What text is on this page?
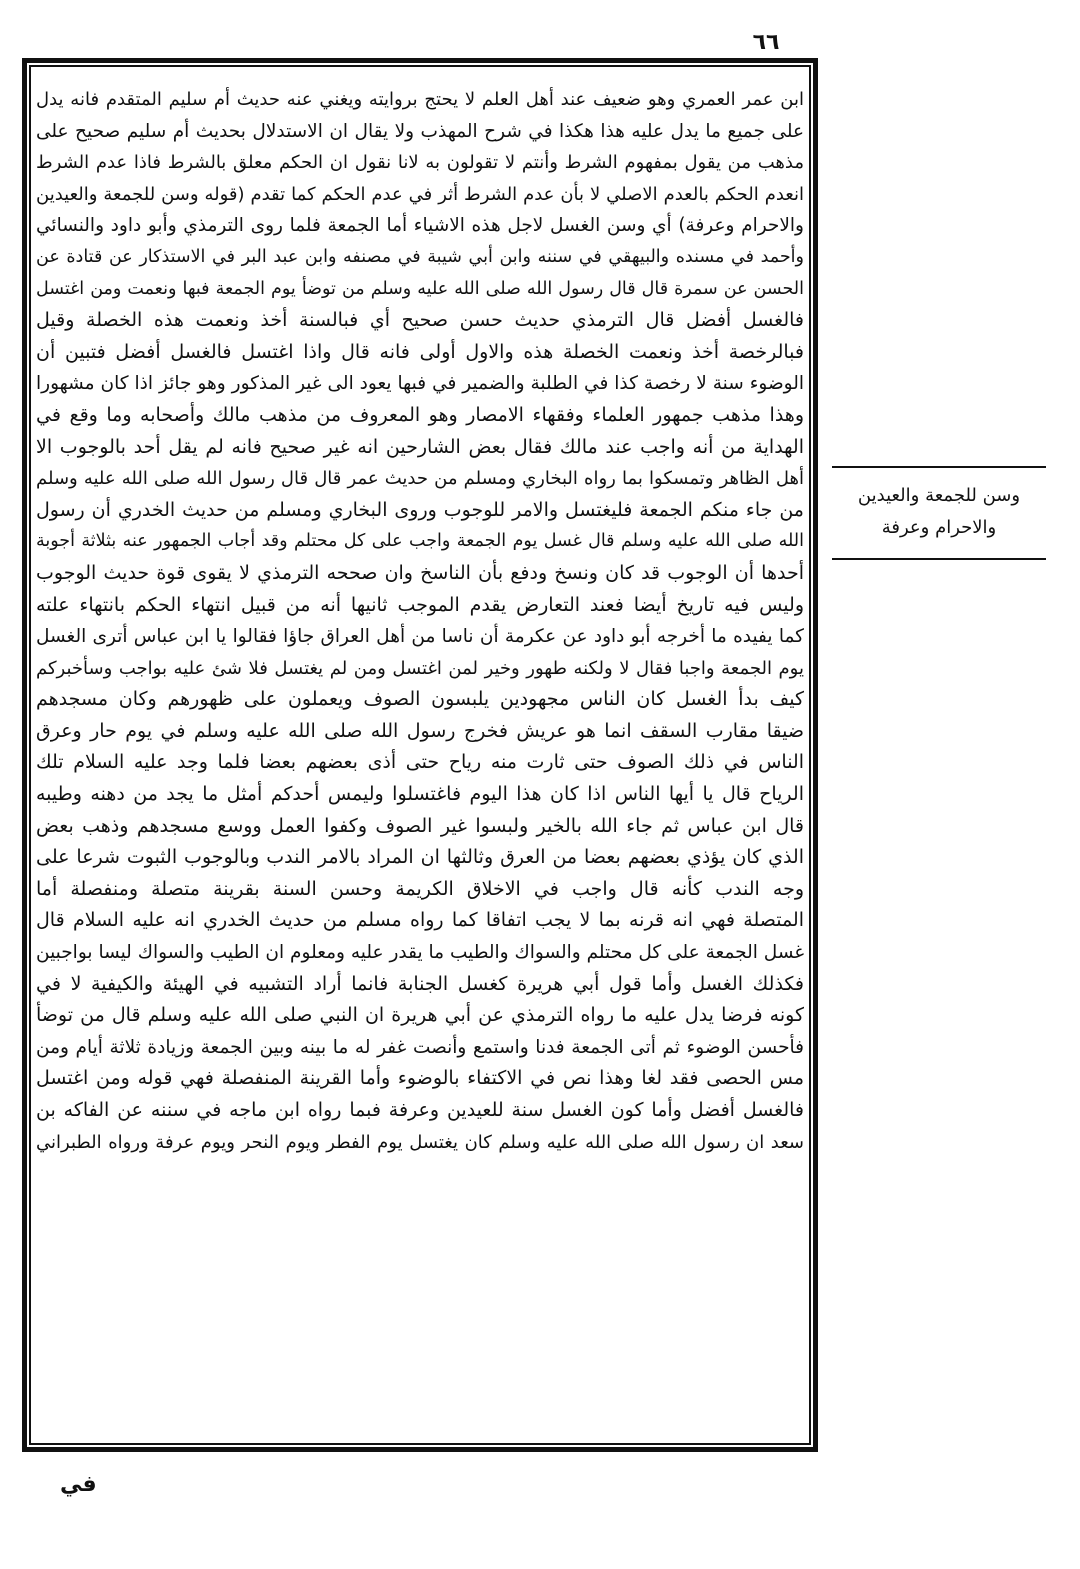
٦٦
ابن عمر العمري وهو ضعيف عند أهل العلم لا يحتج بروايته ويغني عنه حديث أم سليم المتقدم فانه يدل
على جميع ما يدل عليه هذا هكذا في شرح المهذب ولا يقال ان الاستدلال بحديث أم سليم صحيح على
مذهب من يقول بمفهوم الشرط وأنتم لا تقولون به لانا نقول ان الحكم معلق بالشرط فاذا عدم الشرط
انعدم الحكم بالعدم الاصلي لا بأن عدم الشرط أثر في عدم الحكم كما تقدم (قوله وسن للجمعة والعيدين
والاحرام وعرفة) أي وسن الغسل لاجل هذه الاشياء أما الجمعة فلما روى الترمذي وأبو داود والنسائي
وأحمد في مسنده والبيهقي في سننه وابن أبي شيبة في مصنفه وابن عبد البر في الاستذكار عن قتادة عن
الحسن عن سمرة قال قال رسول الله صلى الله عليه وسلم من توضأ يوم الجمعة فبها ونعمت ومن اغتسل
فالغسل أفضل قال الترمذي حديث حسن صحيح أي فبالسنة أخذ ونعمت هذه الخصلة وقيل
فبالرخصة أخذ ونعمت الخصلة هذه والاول أولى فانه قال واذا اغتسل فالغسل أفضل فتبين أن
الوضوء سنة لا رخصة كذا في الطلبة والضمير في فبها يعود الى غير المذكور وهو جائز اذا كان مشهورا
وهذا مذهب جمهور العلماء وفقهاء الامصار وهو المعروف من مذهب مالك وأصحابه وما وقع في
الهداية من أنه واجب عند مالك فقال بعض الشارحين انه غير صحيح فانه لم يقل أحد بالوجوب الا
أهل الظاهر وتمسكوا بما رواه البخاري ومسلم من حديث عمر قال قال رسول الله صلى الله عليه وسلم
من جاء منكم الجمعة فليغتسل والامر للوجوب وروى البخاري ومسلم من حديث الخدري أن رسول
الله صلى الله عليه وسلم قال غسل يوم الجمعة واجب على كل محتلم وقد أجاب الجمهور عنه بثلاثة أجوبة
أحدها أن الوجوب قد كان ونسخ ودفع بأن الناسخ وان صححه الترمذي لا يقوى قوة حديث الوجوب
وليس فيه تاريخ أيضا فعند التعارض يقدم الموجب ثانيها أنه من قبيل انتهاء الحكم بانتهاء علته
كما يفيده ما أخرجه أبو داود عن عكرمة أن ناسا من أهل العراق جاؤا فقالوا يا ابن عباس أترى الغسل
يوم الجمعة واجبا فقال لا ولكنه طهور وخير لمن اغتسل ومن لم يغتسل فلا شئ عليه بواجب وسأخبركم
كيف بدأ الغسل كان الناس مجهودين يلبسون الصوف ويعملون على ظهورهم وكان مسجدهم
ضيقا مقارب السقف انما هو عريش فخرج رسول الله صلى الله عليه وسلم في يوم حار وعرق
الناس في ذلك الصوف حتى ثارت منه رياح حتى أذى بعضهم بعضا فلما وجد عليه السلام تلك
الرياح قال يا أيها الناس اذا كان هذا اليوم فاغتسلوا وليمس أحدكم أمثل ما يجد من دهنه وطيبه
قال ابن عباس ثم جاء الله بالخير ولبسوا غير الصوف وكفوا العمل ووسع مسجدهم وذهب بعض
الذي كان يؤذي بعضهم بعضا من العرق وثالثها ان المراد بالامر الندب وبالوجوب الثبوت شرعا على
وجه الندب كأنه قال واجب في الاخلاق الكريمة وحسن السنة بقرينة متصلة ومنفصلة أما
المتصلة فهي انه قرنه بما لا يجب اتفاقا كما رواه مسلم من حديث الخدري انه عليه السلام قال
غسل الجمعة على كل محتلم والسواك والطيب ما يقدر عليه ومعلوم ان الطيب والسواك ليسا بواجبين
فكذلك الغسل وأما قول أبي هريرة كغسل الجنابة فانما أراد التشبيه في الهيئة والكيفية لا في
كونه فرضا يدل عليه ما رواه الترمذي عن أبي هريرة ان النبي صلى الله عليه وسلم قال من توضأ
فأحسن الوضوء ثم أتى الجمعة فدنا واستمع وأنصت غفر له ما بينه وبين الجمعة وزيادة ثلاثة أيام ومن
مس الحصى فقد لغا وهذا نص في الاكتفاء بالوضوء وأما القرينة المنفصلة فهي قوله ومن اغتسل
فالغسل أفضل وأما كون الغسل سنة للعيدين وعرفة فبما رواه ابن ماجه في سننه عن الفاكه بن
سعد ان رسول الله صلى الله عليه وسلم كان يغتسل يوم الفطر ويوم النحر ويوم عرفة ورواه الطبراني
وسن للجمعة والعيدين
والاحرام وعرفة
في
